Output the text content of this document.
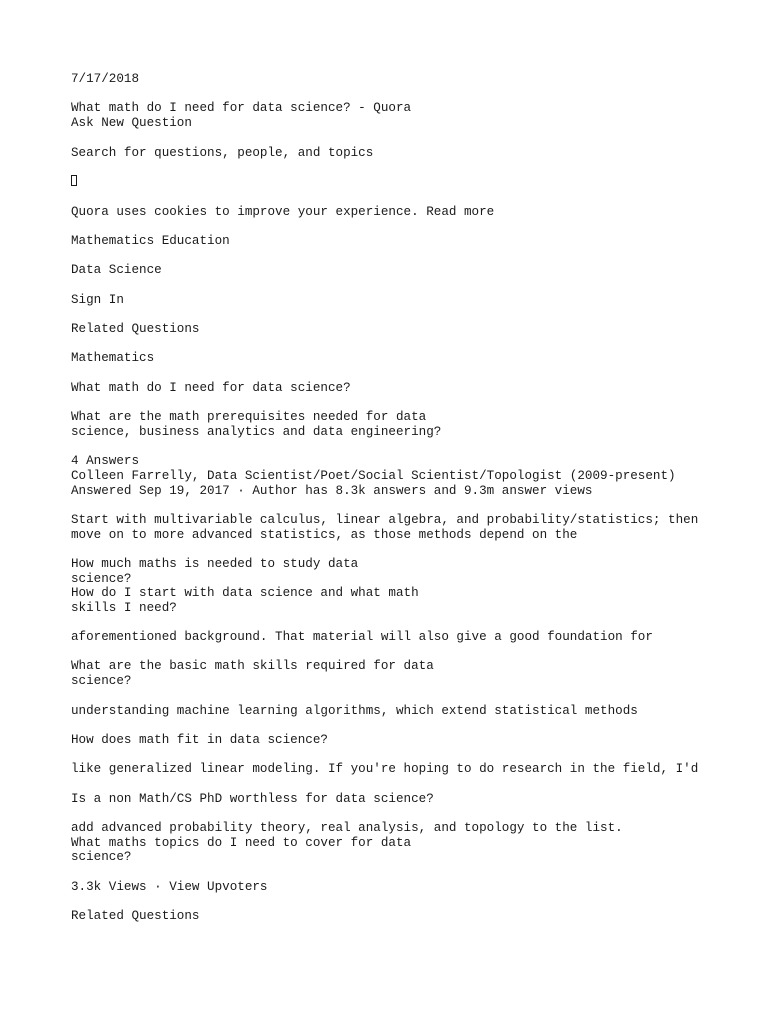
7/17/2018
What math do I need for data science? - Quora
Ask New Question
Search for questions, people, and topics
Quora uses cookies to improve your experience. Read more
Mathematics Education
Data Science
Sign In
Related Questions
Mathematics
What math do I need for data science?
What are the math prerequisites needed for data
science, business analytics and data engineering?
4 Answers
Colleen Farrelly, Data Scientist/Poet/Social Scientist/Topologist (2009-present)
Answered Sep 19, 2017 · Author has 8.3k answers and 9.3m answer views
Start with multivariable calculus, linear algebra, and probability/statistics; then
move on to more advanced statistics, as those methods depend on the
How much maths is needed to study data
science?
How do I start with data science and what math
skills I need?
aforementioned background. That material will also give a good foundation for
What are the basic math skills required for data
science?
understanding machine learning algorithms, which extend statistical methods
How does math fit in data science?
like generalized linear modeling. If you're hoping to do research in the field, I'd
Is a non Math/CS PhD worthless for data science?
add advanced probability theory, real analysis, and topology to the list.
What maths topics do I need to cover for data
science?
3.3k Views · View Upvoters
Related Questions
